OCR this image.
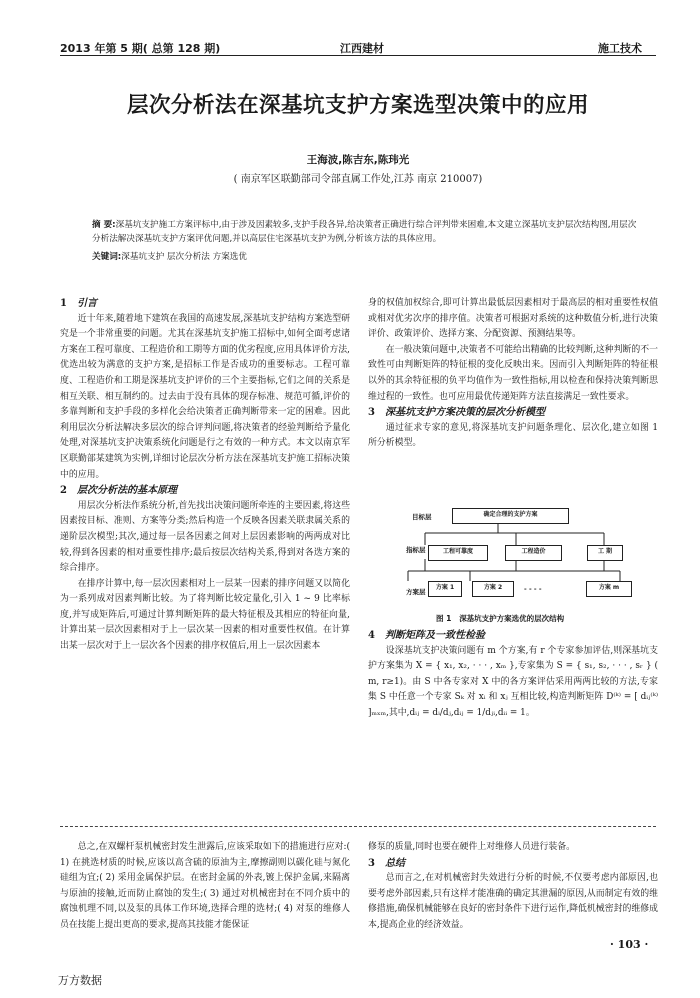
2013 年第 5 期( 总第 128 期)	江西建材	施工技术
层次分析法在深基坑支护方案选型决策中的应用
王海波,陈吉东,陈玮光
( 南京军区联勤部司令部直属工作处,江苏 南京 210007)
摘 要:深基坑支护施工方案评标中,由于涉及因素较多,支护手段各异,给决策者正确进行综合评判带来困难,本文建立深基坑支护层次结构图,用层次分析法解决深基坑支护方案评优问题,并以高层住宅深基坑支护为例,分析该方法的具体应用。
关键词:深基坑支护 层次分析法 方案选优

1 引言

近十年来,随着地下建筑在我国的高速发展,深基坑支护结构方案选型研究是一个非常重要的问题。尤其在深基坑支护施工招标中,如何全面考虑诸方案在工程可靠度、工程造价和工期等方面的优劣程度,应用具体评价方法,优选出较为满意的支护方案,是招标工作是否成功的重要标志。工程可靠度、工程造价和工期是深基坑支护评价的三个主要指标,它们之间的关系是相互关联、相互制约的。过去由于没有具体的现存标准、规范可循,评价的多靠判断和支护手段的多样化会给决策者正确判断带来一定的困难。因此利用层次分析法解决多层次的综合评判问题,将决策者的经验判断给予量化处理,对深基坑支护决策系统化问题是行之有效的一种方式。本文以南京军区联勤部某建筑为实例,详细讨论层次分析方法在深基坑支护施工招标决策中的应用。

2 层次分析法的基本原理

用层次分析法作系统分析,首先找出决策问题所牵连的主要因素,将这些因素按目标、准则、方案等分类;然后构造一个反映各因素关联隶属关系的递阶层次模型;其次,通过每一层各因素之间对上层因素影响的两两成对比较,得到各因素的相对重要性排序;最后按层次结构关系,得到对各选方案的综合排序。

在排序计算中,每一层次因素相对上一层某一因素的排序问题又以简化为一系列成对因素判断比较。为了将判断比较定量化,引入 1 ~ 9 比率标度,并写成矩阵后,可通过计算判断矩阵的最大特征根及其相应的特征向量,计算出某一层次因素相对于上一层次某一因素的相对重要性权值。在计算出某一层次对于上一层次各个因素的排序权值后,用上一层次因素本

身的权值加权综合,即可计算出最低层因素相对于最高层的相对重要性权值或相对优劣次序的排序值。决策者可根据对系统的这种数值分析,进行决策评价、政策评价、选择方案、分配资源、预测结果等。

在一般决策问题中,决策者不可能给出精确的比较判断,这种判断的不一致性可由判断矩阵的特征根的变化反映出来。因而引入判断矩阵的特征根以外的其余特征根的负平均值作为一致性指标,用以检查和保持决策判断思维过程的一致性。也可应用最优传递矩阵方法直接满足一致性要求。

3 深基坑支护方案决策的层次分析模型

通过征求专家的意见,将深基坑支护问题条理化、层次化,建立如图 1 所分析模型。

目标层
指标层
方案层
确定合理的支护方案
工程可靠度	工程造价	工 期
方案 1	方案 2	- - - -	方案 m
图 1 深基坑支护方案选优的层次结构

4 判断矩阵及一致性检验

设深基坑支护决策问题有 m 个方案,有 r 个专家参加评估,则深基坑支护方案集为 X = { x₁, x₂, · · · , xₘ },专家集为 S = { s₁, s₂, · · · , sᵣ } ( m, r≥1)。由 S 中各专家对 X 中的各方案评估采用两两比较的方法,专家集 S 中任意一个专家 Sₖ 对 xᵢ 和 xⱼ 互相比较,构造判断矩阵 D⁽ᵏ⁾ = [ dᵢⱼ⁽ᵏ⁾ ]ₘₓₘ,其中,dᵢⱼ = dᵢ/dⱼ,dᵢⱼ = 1/dⱼᵢ,dᵢᵢ = 1。

总之,在双螺杆泵机械密封发生泄露后,应该采取如下的措施进行应对:( 1) 在挑选材质的时候,应该以高含硫的原油为主,摩擦副则以碳化硅与氮化硅组为宜;( 2) 采用金属保护层。在密封金属的外表,镀上保护金属,来隔离与原油的接触,近而防止腐蚀的发生;( 3) 通过对机械密封在不同介质中的腐蚀机理不同,以及泵的具体工作环境,选择合理的选材;( 4) 对泵的维修人员在技能上提出更高的要求,提高其技能才能保证

修泵的质量,同时也要在硬件上对维修人员进行装备。

3 总结

总而言之,在对机械密封失效进行分析的时候,不仅要考虑内部原因,也要考虑外部因素,只有这样才能准确的确定其泄漏的原因,从而制定有效的维修措施,确保机械能够在良好的密封条件下进行运作,降低机械密封的维修成本,提高企业的经济效益。

· 103 ·
万方数据
